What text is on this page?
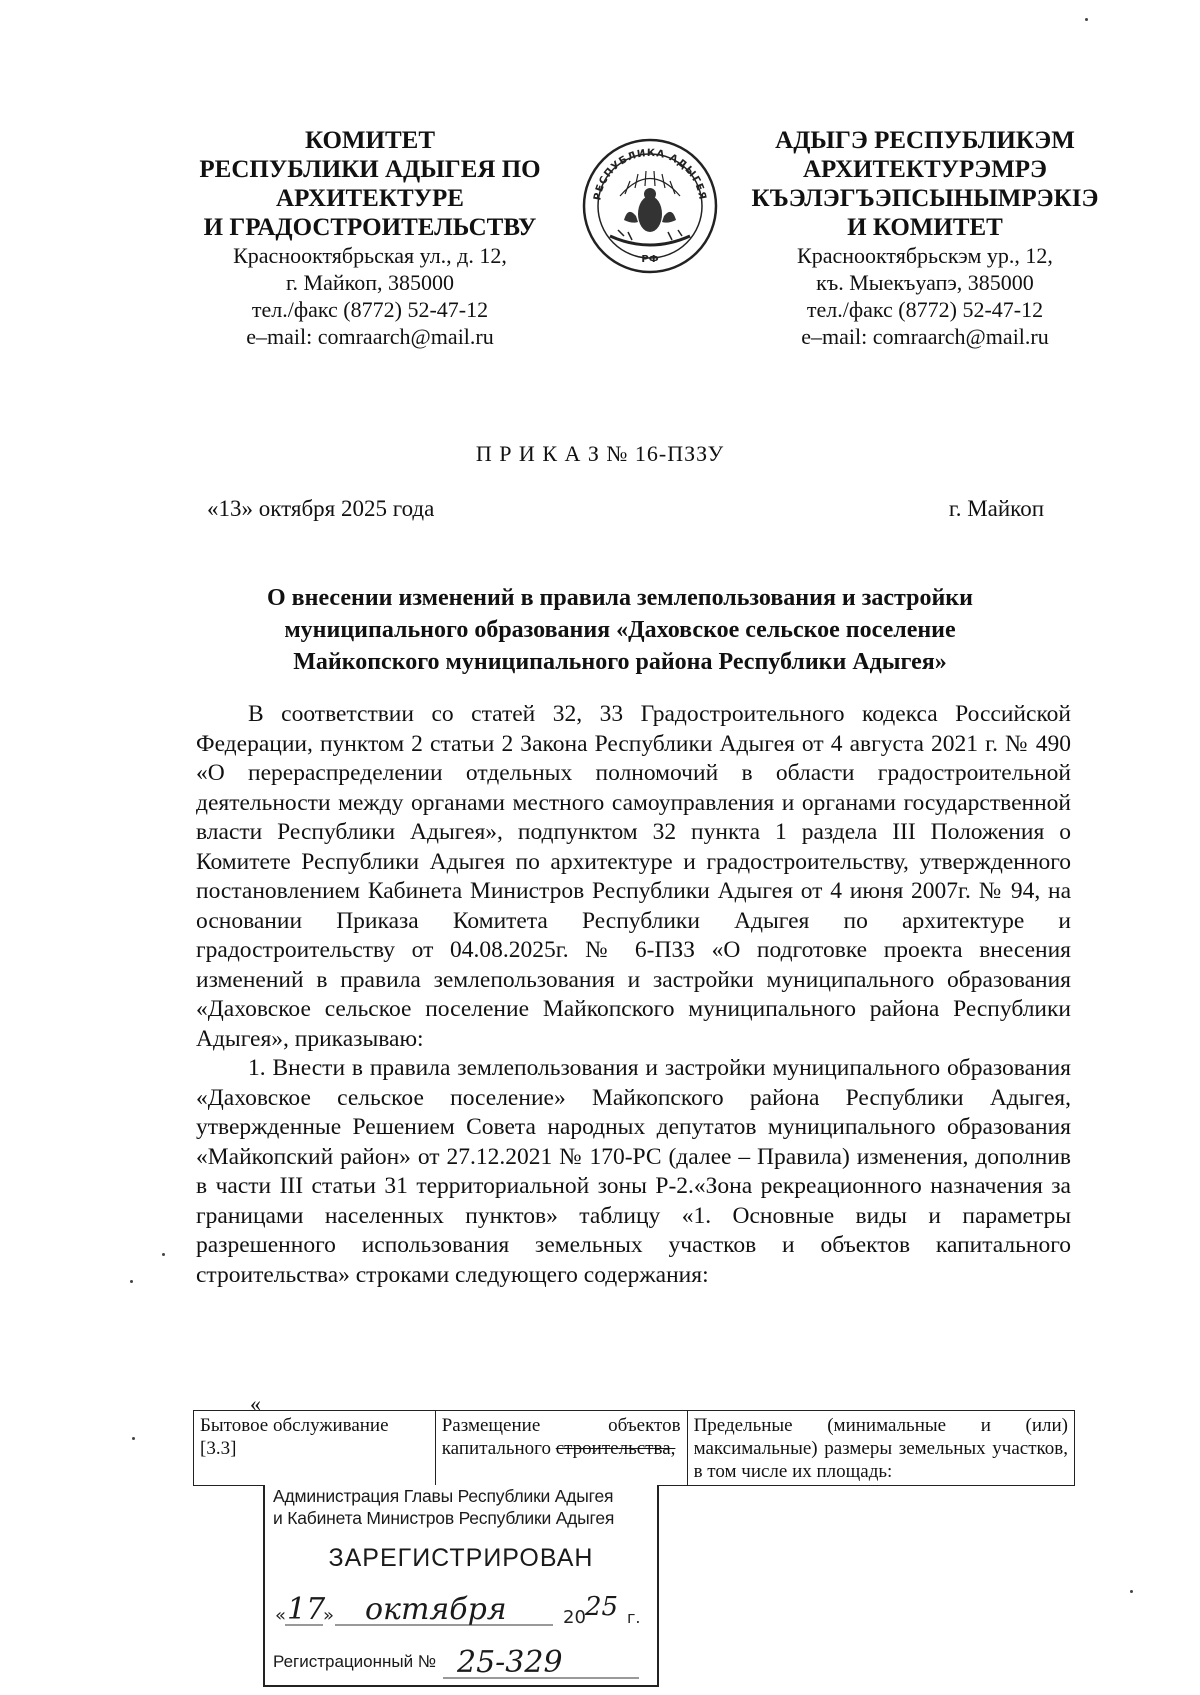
КОМИТЕТ
РЕСПУБЛИКИ АДЫГЕЯ ПО
АРХИТЕКТУРЕ
И ГРАДОСТРОИТЕЛЬСТВУ
Краснооктябрьская ул., д. 12,
г. Майкоп, 385000
тел./факс (8772) 52-47-12
e–mail: comraarch@mail.ru
РЕСПУБЛИКА АДЫГЕЯ
РФ
АДЫГЭ РЕСПУБЛИКЭМ
АРХИТЕКТУРЭМРЭ
КЪЭЛЭГЪЭПСЫНЫМРЭКIЭ
И КОМИТЕТ
Краснооктябрьскэм ур., 12,
къ. Мыекъуапэ, 385000
тел./факс (8772) 52-47-12
e–mail: comraarch@mail.ru
П Р И К А З № 16-ПЗЗУ
«13» октября 2025 года	г. Майкоп
О внесении изменений в правила землепользования и застройки
муниципального образования «Даховское сельское поселение
Майкопского муниципального района Республики Адыгея»

В соответствии со статей 32, 33 Градостроительного кодекса Российской Федерации, пунктом 2 статьи 2 Закона Республики Адыгея от 4 августа 2021 г. № 490 «О перераспределении отдельных полномочий в области градостроительной деятельности между органами местного самоуправления и органами государственной власти Республики Адыгея», подпунктом 32 пункта 1 раздела III Положения о Комитете Республики Адыгея по архитектуре и градостроительству, утвержденного постановлением Кабинета Министров Республики Адыгея от 4 июня 2007г. № 94, на основании Приказа Комитета Республики Адыгея по архитектуре и градостроительству от 04.08.2025г. № 6-ПЗЗ «О подготовке проекта внесения изменений в правила землепользования и застройки муниципального образования «Даховское сельское поселение Майкопского муниципального района Республики Адыгея», приказываю:

1. Внести в правила землепользования и застройки муниципального образования «Даховское сельское поселение» Майкопского района Республики Адыгея, утвержденные Решением Совета народных депутатов муниципального образования «Майкопский район» от 27.12.2021 № 170-РС (далее – Правила) изменения, дополнив в части III статьи 31 территориальной зоны Р-2.«Зона рекреационного назначения за границами населенных пунктов» таблицу «1. Основные виды и параметры разрешенного использования земельных участков и объектов капитального строительства» строками следующего содержания:

«
Бытовое обслуживание [3.3]	Размещение объектов капитального строительства,	Предельные (минимальные и (или) максимальные) размеры земельных участков, в том числе их площадь:
Администрация Главы Республики Адыгея
и Кабинета Министров Республики Адыгея
ЗАРЕГИСТРИРОВАН
« 17
» октября	20 25 г.
Регистрационный № 25-329
